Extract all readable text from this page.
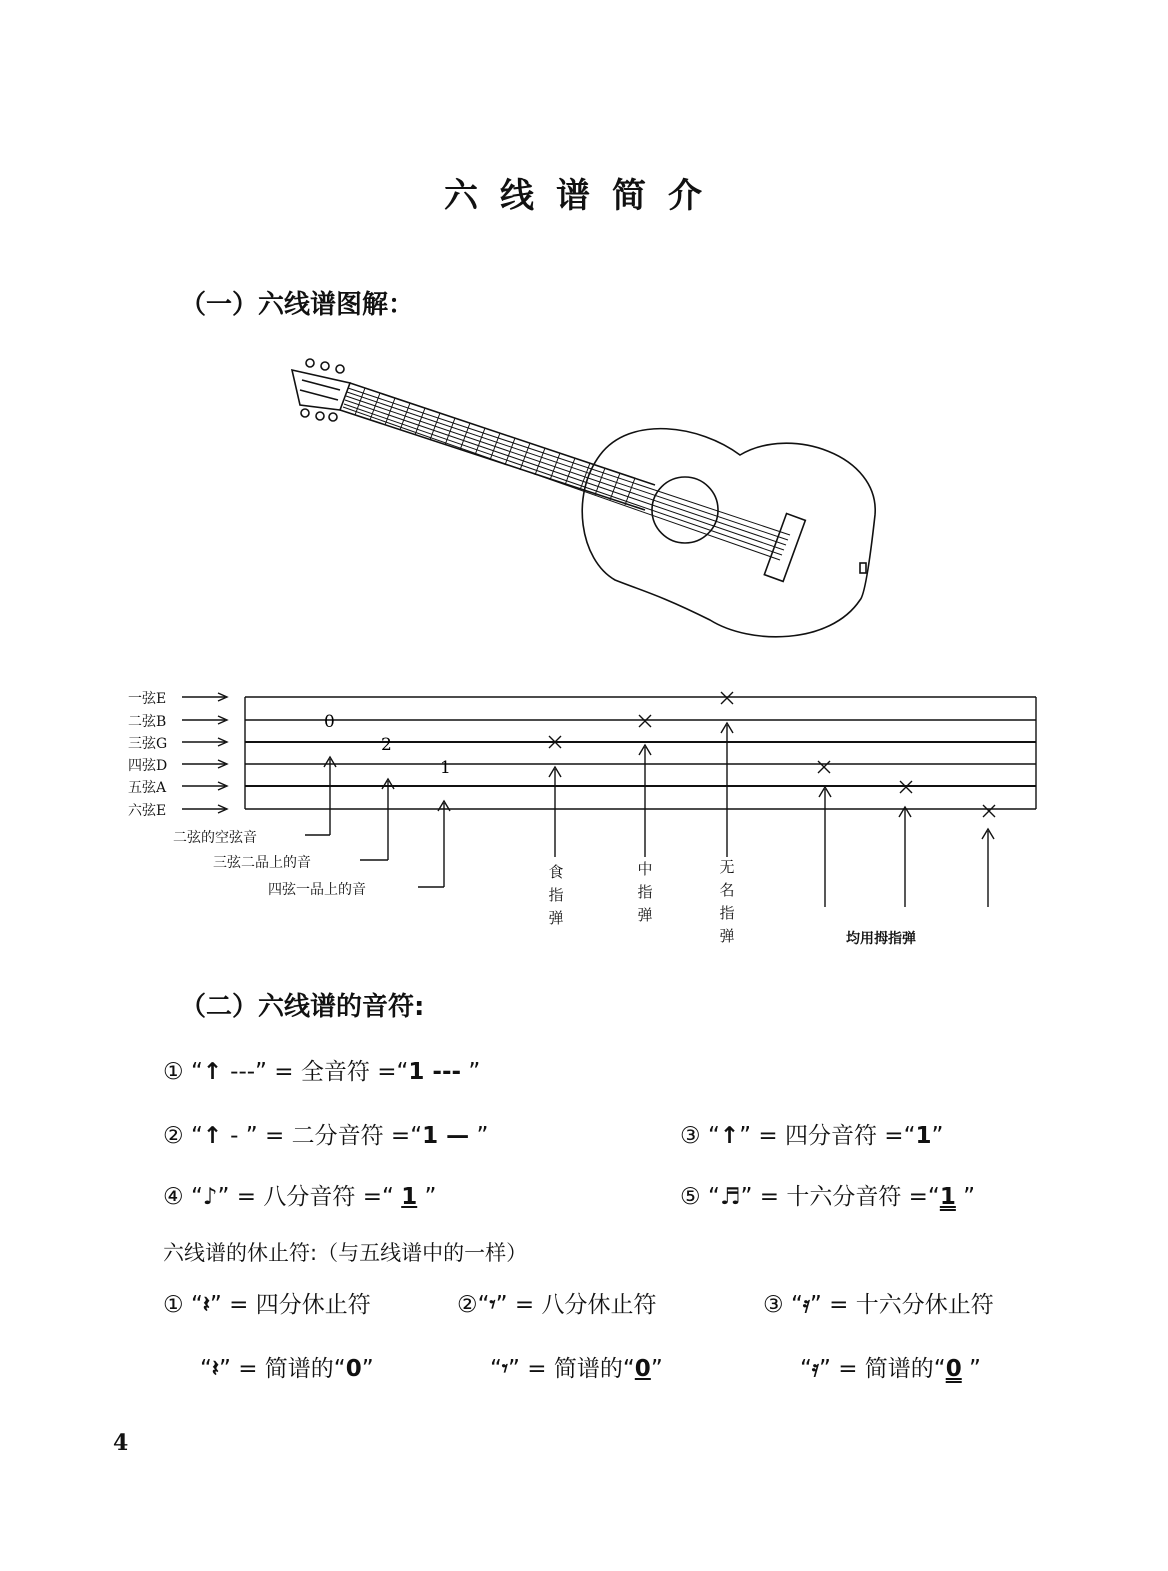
六线谱简介
（一）六线谱图解：
一弦E
二弦B
三弦G
四弦D
五弦A
六弦E
0
2
1
二弦的空弦音
三弦二品上的音
四弦一品上的音
食指弹
中指弹
无名指弹	均用拇指弹
（二）六线谱的音符:
① “↑ ---” = 全音符 =“1 --- ”
② “↑ - ” = 二分音符 =“1 — ”	③ “↑” = 四分音符 =“1”
④ “♪” = 八分音符 =“ 1 ”	⑤ “♬” = 十六分音符 =“1 ”
六线谱的休止符:（与五线谱中的一样）
① “𝄽” = 四分休止符	②“𝄾” = 八分休止符	③ “𝄿” = 十六分休止符
“𝄽” = 简谱的“0”	“𝄾” = 简谱的“0”	“𝄿” = 简谱的“0 ”
4
